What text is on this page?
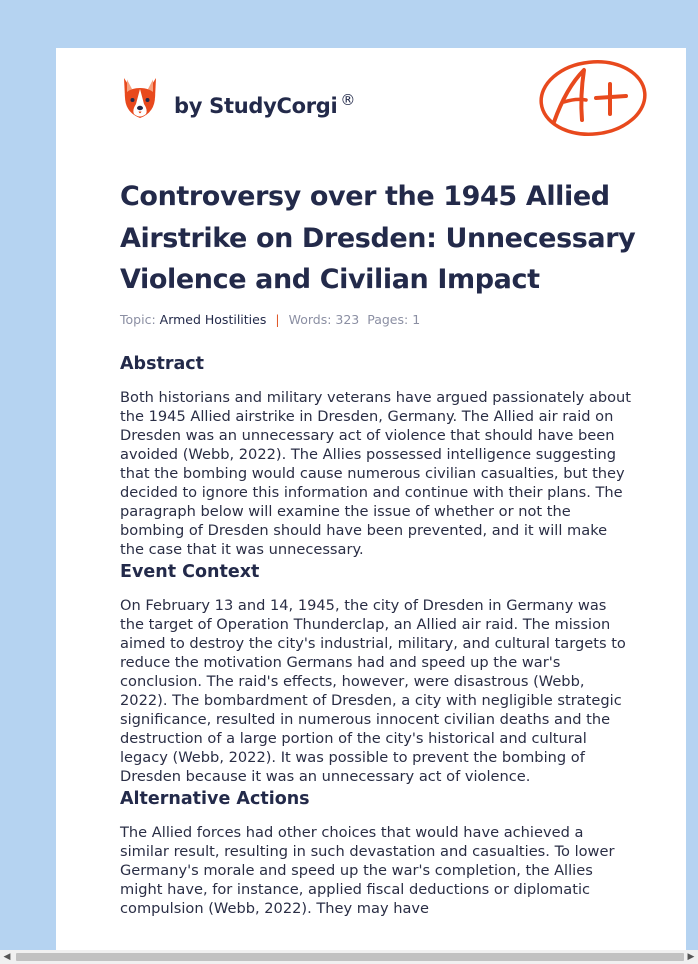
by StudyCorgi ®
Controversy over the 1945 Allied Airstrike on Dresden: Unnecessary Violence and Civilian Impact
Topic: Armed Hostilities | Words: 323 Pages: 1
Abstract

Both historians and military veterans have argued passionately about the 1945 Allied airstrike in Dresden, Germany. The Allied air raid on Dresden was an unnecessary act of violence that should have been avoided (Webb, 2022). The Allies possessed intelligence suggesting that the bombing would cause numerous civilian casualties, but they decided to ignore this information and continue with their plans. The paragraph below will examine the issue of whether or not the bombing of Dresden should have been prevented, and it will make the case that it was unnecessary.

Event Context

On February 13 and 14, 1945, the city of Dresden in Germany was the target of Operation Thunderclap, an Allied air raid. The mission aimed to destroy the city's industrial, military, and cultural targets to reduce the motivation Germans had and speed up the war's conclusion. The raid's effects, however, were disastrous (Webb, 2022). The bombardment of Dresden, a city with negligible strategic significance, resulted in numerous innocent civilian deaths and the destruction of a large portion of the city's historical and cultural legacy (Webb, 2022). It was possible to prevent the bombing of Dresden because it was an unnecessary act of violence.

Alternative Actions

The Allied forces had other choices that would have achieved a similar result, resulting in such devastation and casualties. To lower Germany's morale and speed up the war's completion, the Allies might have, for instance, applied fiscal deductions or diplomatic compulsion (Webb, 2022). They may have

◀	▶
